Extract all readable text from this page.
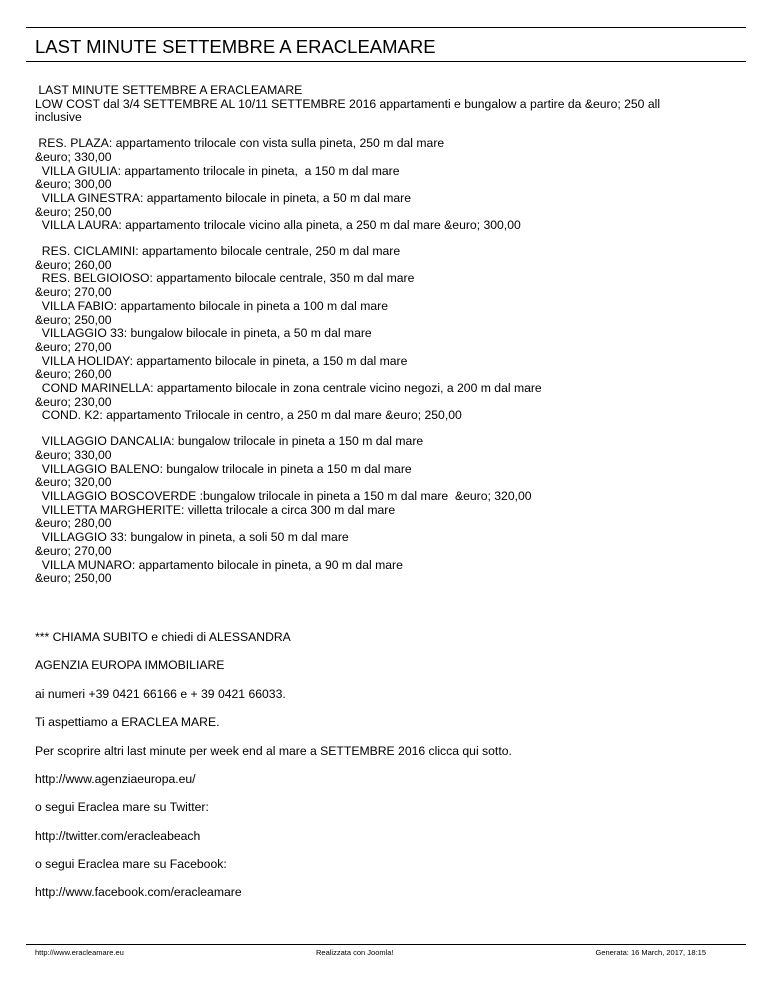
LAST MINUTE SETTEMBRE A ERACLEAMARE
LAST MINUTE SETTEMBRE A ERACLEAMARE
LOW COST dal 3/4 SETTEMBRE AL 10/11 SETTEMBRE 2016 appartamenti e bungalow a partire da &euro; 250 all
inclusive
RES. PLAZA: appartamento trilocale con vista sulla pineta, 250 m dal mare
&euro; 330,00
VILLA GIULIA: appartamento trilocale in pineta,  a 150 m dal mare
&euro; 300,00
VILLA GINESTRA: appartamento bilocale in pineta, a 50 m dal mare
&euro; 250,00
VILLA LAURA: appartamento trilocale vicino alla pineta, a 250 m dal mare &euro; 300,00
RES. CICLAMINI: appartamento bilocale centrale, 250 m dal mare
&euro; 260,00
RES. BELGIOIOSO: appartamento bilocale centrale, 350 m dal mare
&euro; 270,00
VILLA FABIO: appartamento bilocale in pineta a 100 m dal mare
&euro; 250,00
VILLAGGIO 33: bungalow bilocale in pineta, a 50 m dal mare
&euro; 270,00
VILLA HOLIDAY: appartamento bilocale in pineta, a 150 m dal mare
&euro; 260,00
COND MARINELLA: appartamento bilocale in zona centrale vicino negozi, a 200 m dal mare
&euro; 230,00
COND. K2: appartamento Trilocale in centro, a 250 m dal mare &euro; 250,00
VILLAGGIO DANCALIA: bungalow trilocale in pineta a 150 m dal mare
&euro; 330,00
VILLAGGIO BALENO: bungalow trilocale in pineta a 150 m dal mare
&euro; 320,00
VILLAGGIO BOSCOVERDE :bungalow trilocale in pineta a 150 m dal mare  &euro; 320,00
VILLETTA MARGHERITE: villetta trilocale a circa 300 m dal mare
&euro; 280,00
VILLAGGIO 33: bungalow in pineta, a soli 50 m dal mare
&euro; 270,00
VILLA MUNARO: appartamento bilocale in pineta, a 90 m dal mare
&euro; 250,00
*** CHIAMA SUBITO e chiedi di ALESSANDRA
AGENZIA EUROPA IMMOBILIARE
ai numeri +39 0421 66166 e + 39 0421 66033.
Ti aspettiamo a ERACLEA MARE.
Per scoprire altri last minute per week end al mare a SETTEMBRE 2016 clicca qui sotto.
http://www.agenziaeuropa.eu/
o segui Eraclea mare su Twitter:
http://twitter.com/eracleabeach
o segui Eraclea mare su Facebook:
http://www.facebook.com/eracleamare
http://www.eracleamare.eu	Realizzata con Joomla!	Generata: 16 March, 2017, 18:15
